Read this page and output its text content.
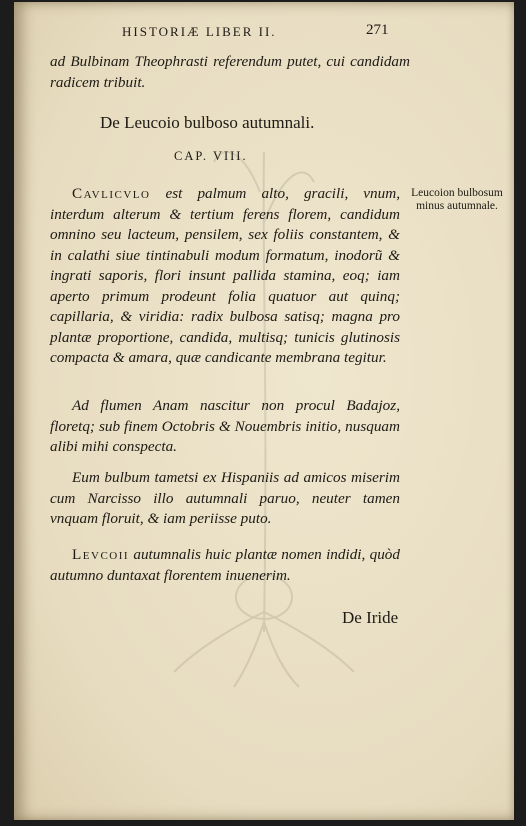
HISTORIÆ LIBER II.	271

ad Bulbinam Theophrasti referendum putet, cui candidam radicem tribuit.

De Leucoio bulboso autumnali.
CAP. VIII.

Cavlicvlo est palmum alto, gracili, vnum, interdum alterum & tertium ferens florem, candidum omnino seu lacteum, pensilem, sex foliis constantem, & in calathi siue tintinabuli modum formatum, inodorũ & ingrati saporis, flori insunt pallida stamina, eoq; iam aperto primum prodeunt folia quatuor aut quinq; capillaria, & viridia: radix bulbosa satisq; magna pro plantæ proportione, candida, multisq; tunicis glutinosis compacta & amara, quæ candicante membrana tegitur.

Leucoion bulbosum minus autumnale.

Ad flumen Anam nascitur non procul Badajoz, floretq; sub finem Octobris & Nouembris initio, nusquam alibi mihi conspecta.

Eum bulbum tametsi ex Hispaniis ad amicos miserim cum Narcisso illo autumnali paruo, neuter tamen vnquam floruit, & iam periisse puto.

Levcoii autumnalis huic plantæ nomen indidi, quòd autumno duntaxat florentem inuenerim.

De Iride
